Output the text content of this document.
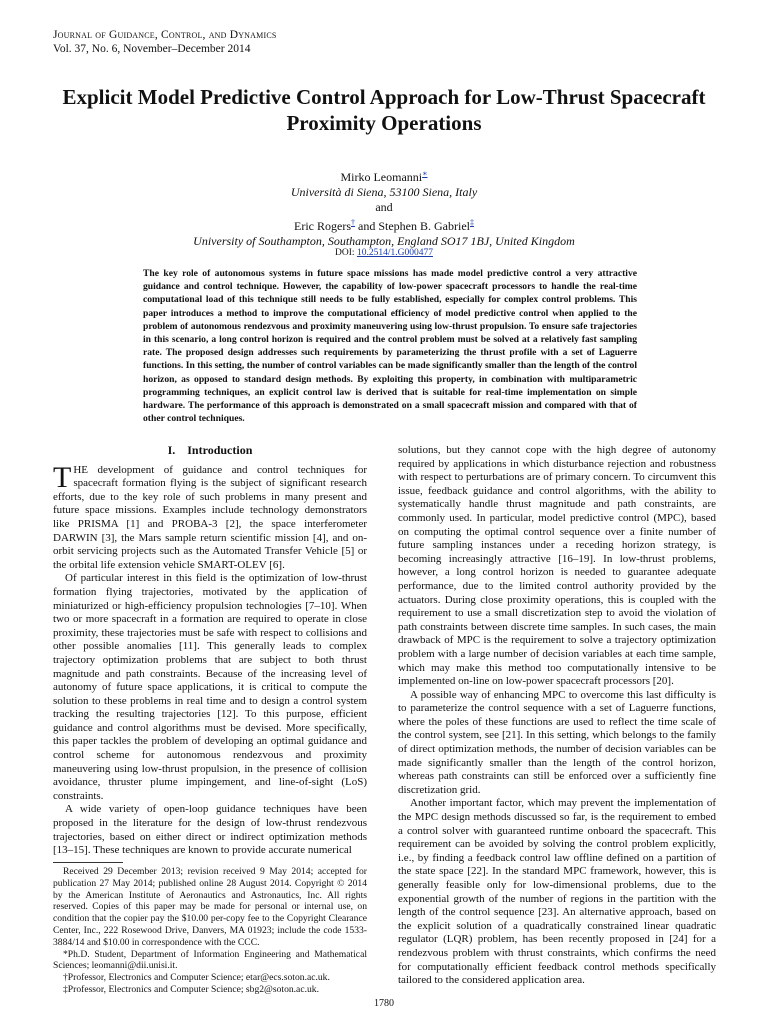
Journal of Guidance, Control, and Dynamics
Vol. 37, No. 6, November–December 2014
Explicit Model Predictive Control Approach for Low-Thrust Spacecraft Proximity Operations
Mirko Leomanni∗
Università di Siena, 53100 Siena, Italy
and
Eric Rogers† and Stephen B. Gabriel‡
University of Southampton, Southampton, England SO17 1BJ, United Kingdom
DOI: 10.2514/1.G000477
The key role of autonomous systems in future space missions has made model predictive control a very attractive guidance and control technique. However, the capability of low-power spacecraft processors to handle the real-time computational load of this technique still needs to be fully established, especially for complex control problems. This paper introduces a method to improve the computational efficiency of model predictive control when applied to the problem of autonomous rendezvous and proximity maneuvering using low-thrust propulsion. To ensure safe trajectories in this scenario, a long control horizon is required and the control problem must be solved at a relatively fast sampling rate. The proposed design addresses such requirements by parameterizing the thrust profile with a set of Laguerre functions. In this setting, the number of control variables can be made significantly smaller than the length of the control horizon, as opposed to standard design methods. By exploiting this property, in combination with multiparametric programming techniques, an explicit control law is derived that is suitable for real-time implementation on simple hardware. The performance of this approach is demonstrated on a small spacecraft mission and compared with that of other control techniques.
I. Introduction

THE development of guidance and control techniques for spacecraft formation flying is the subject of significant research efforts, due to the key role of such problems in many present and future space missions. Examples include technology demonstrators like PRISMA [1] and PROBA-3 [2], the space interferometer DARWIN [3], the Mars sample return scientific mission [4], and on-orbit servicing projects such as the Automated Transfer Vehicle [5] or the orbital life extension vehicle SMART-OLEV [6].

Of particular interest in this field is the optimization of low-thrust formation flying trajectories, motivated by the application of miniaturized or high-efficiency propulsion technologies [7–10]. When two or more spacecraft in a formation are required to operate in close proximity, these trajectories must be safe with respect to collisions and other possible anomalies [11]. This generally leads to complex trajectory optimization problems that are subject to both thrust magnitude and path constraints. Because of the increasing level of autonomy of future space applications, it is critical to compute the solution to these problems in real time and to design a control system tracking the resulting trajectories [12]. To this purpose, efficient guidance and control algorithms must be devised. More specifically, this paper tackles the problem of developing an optimal guidance and control scheme for autonomous rendezvous and proximity maneuvering using low-thrust propulsion, in the presence of collision avoidance, thruster plume impingement, and line-of-sight (LoS) constraints.

A wide variety of open-loop guidance techniques have been proposed in the literature for the design of low-thrust rendezvous trajectories, based on either direct or indirect optimization methods [13–15]. These techniques are known to provide accurate numerical

solutions, but they cannot cope with the high degree of autonomy required by applications in which disturbance rejection and robustness with respect to perturbations are of primary concern. To circumvent this issue, feedback guidance and control algorithms, with the ability to systematically handle thrust magnitude and path constraints, are commonly used. In particular, model predictive control (MPC), based on computing the optimal control sequence over a finite number of future sampling instances under a receding horizon strategy, is becoming increasingly attractive [16–19]. In low-thrust problems, however, a long control horizon is needed to guarantee adequate performance, due to the limited control authority provided by the actuators. During close proximity operations, this is coupled with the requirement to use a small discretization step to avoid the violation of path constraints between discrete time samples. In such cases, the main drawback of MPC is the requirement to solve a trajectory optimization problem with a large number of decision variables at each time sample, which may make this method too computationally intensive to be implemented on-line on low-power spacecraft processors [20].

A possible way of enhancing MPC to overcome this last difficulty is to parameterize the control sequence with a set of Laguerre functions, where the poles of these functions are used to reflect the time scale of the control system, see [21]. In this setting, which belongs to the family of direct optimization methods, the number of decision variables can be made significantly smaller than the length of the control horizon, whereas path constraints can still be enforced over a sufficiently fine discretization grid.

Another important factor, which may prevent the implementation of the MPC design methods discussed so far, is the requirement to embed a control solver with guaranteed runtime onboard the spacecraft. This requirement can be avoided by solving the control problem explicitly, i.e., by finding a feedback control law offline defined on a partition of the state space [22]. In the standard MPC framework, however, this is generally feasible only for low-dimensional problems, due to the exponential growth of the number of regions in the partition with the length of the control sequence [23]. An alternative approach, based on the explicit solution of a quadratically constrained linear quadratic regulator (LQR) problem, has been recently proposed in [24] for a rendezvous problem with thrust constraints, which confirms the need for computationally efficient feedback control methods specifically tailored to the considered application area.

Received 29 December 2013; revision received 9 May 2014; accepted for publication 27 May 2014; published online 28 August 2014. Copyright © 2014 by the American Institute of Aeronautics and Astronautics, Inc. All rights reserved. Copies of this paper may be made for personal or internal use, on condition that the copier pay the $10.00 per-copy fee to the Copyright Clearance Center, Inc., 222 Rosewood Drive, Danvers, MA 01923; include the code 1533-3884/14 and $10.00 in correspondence with the CCC.

*Ph.D. Student, Department of Information Engineering and Mathematical Sciences; leomanni@dii.unisi.it.

†Professor, Electronics and Computer Science; etar@ecs.soton.ac.uk.

‡Professor, Electronics and Computer Science; sbg2@soton.ac.uk.

1780
